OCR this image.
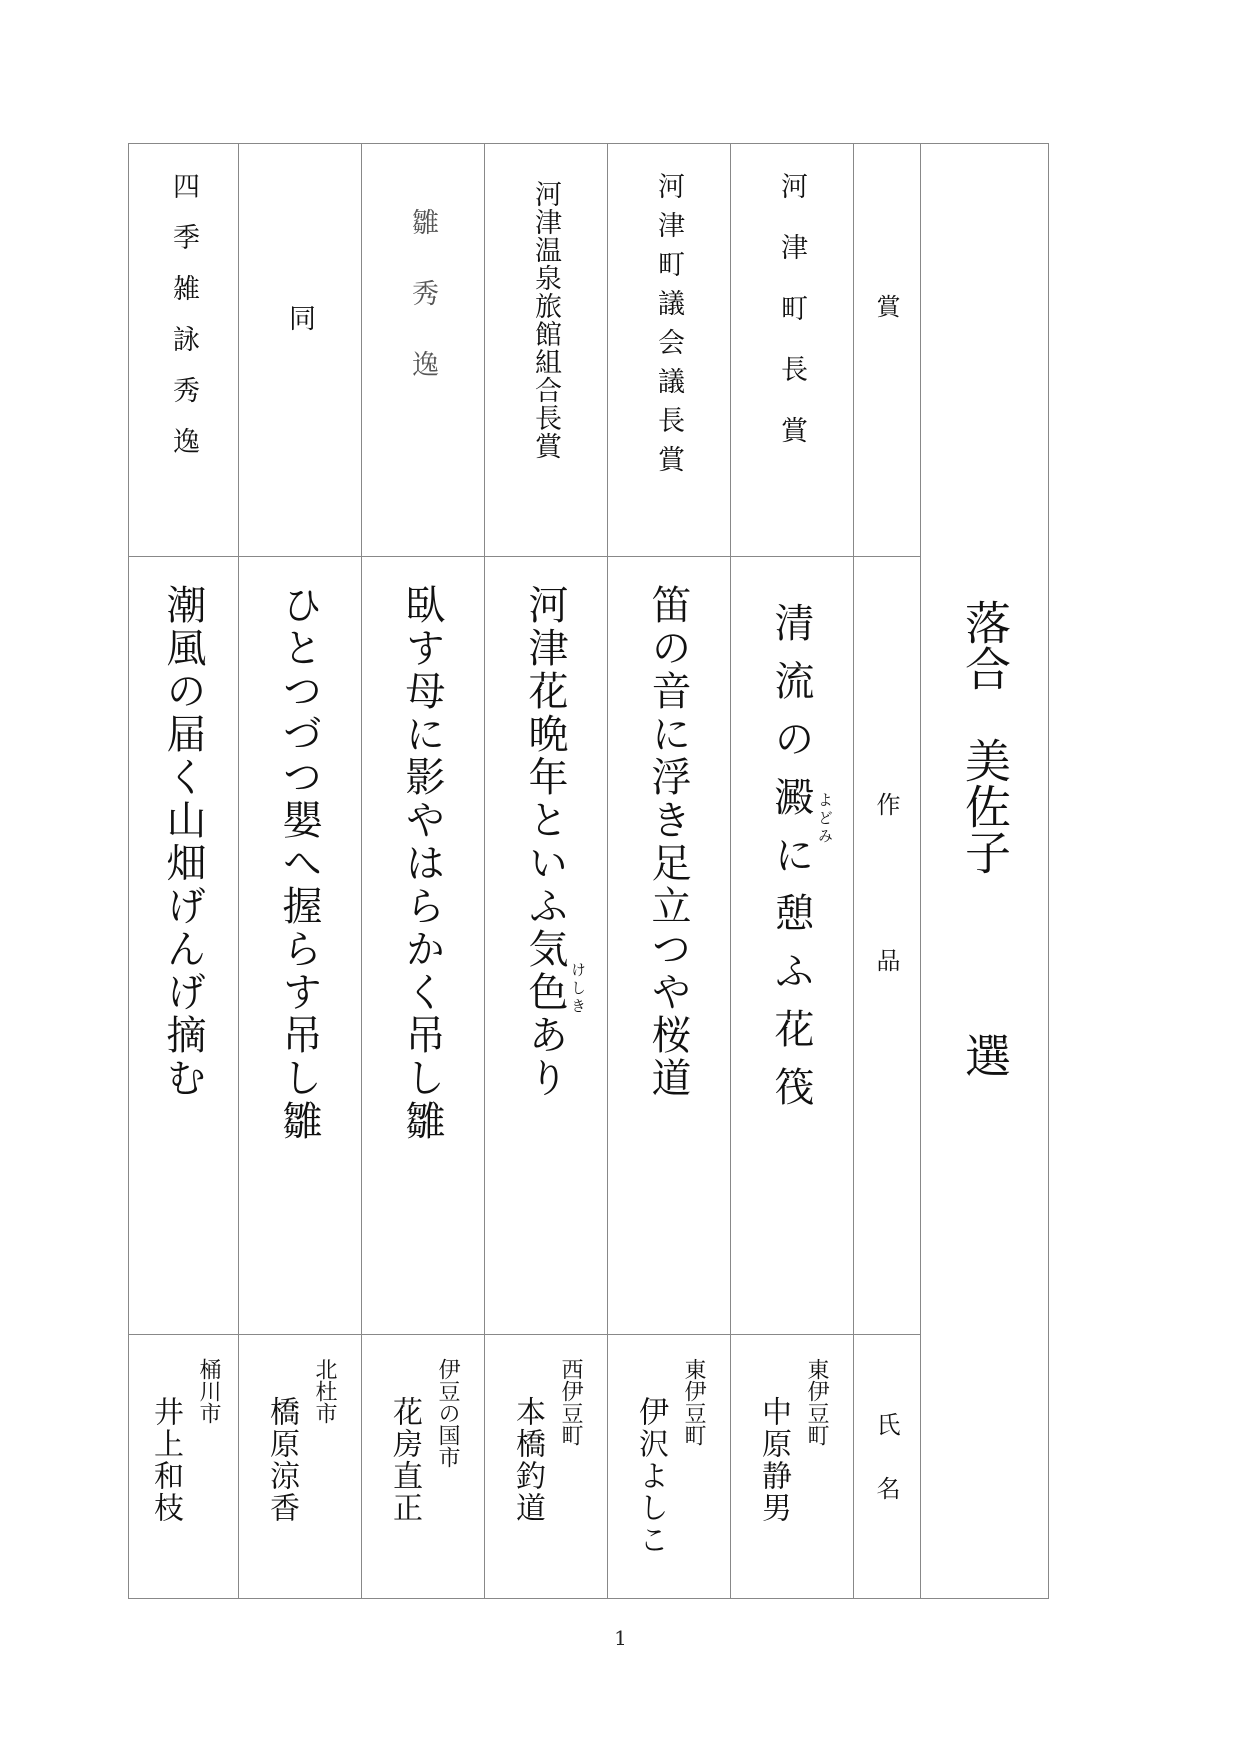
賞
作　品
氏　名
落合　美佐子
選
河津町長賞
清流の澱に憩ふ花筏
よどみ
東伊豆町
中原静男
河津町議会議長賞
笛の音に浮き足立つや桜道
東伊豆町
伊沢よしこ
河津温泉旅館組合長賞
河津花晩年といふ気色あり
けしき
西伊豆町
本橋釣道
雛秀逸
臥す母に影やはらかく吊し雛
伊豆の国市
花房直正
同
ひとつづつ嬰へ握らす吊し雛
北杜市
橋原涼香
四季雑詠秀逸
潮風の届く山畑げんげ摘む
桶川市
井上和枝
1
